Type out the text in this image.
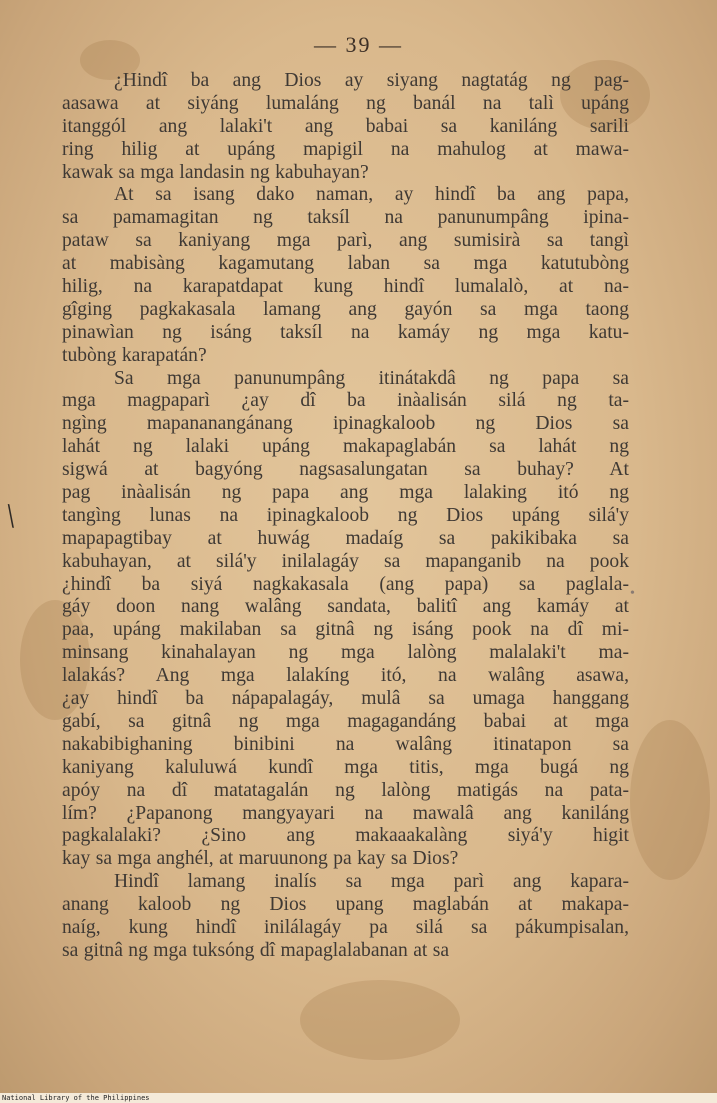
— 39 —
¿Hindî ba ang Dios ay siyang nagtatág ng pag-
aasawa at siyáng lumaláng ng banál na talì upáng
itanggól ang lalaki't ang babai sa kaniláng sarili
ring hilig at upáng mapigil na mahulog at mawa-
kawak sa mga landasin ng kabuhayan?
At sa isang dako naman, ay hindî ba ang papa,
sa pamamagitan ng taksíl na panunumpâng ipina-
pataw sa kaniyang mga parì, ang sumisirà sa tangì
at mabisàng kagamutang laban sa mga katutubòng
hilig, na karapatdapat kung hindî lumalalò, at na-
gîging pagkakasala lamang ang gayón sa mga taong
pinawìan ng isáng taksíl na kamáy ng mga katu-
tubòng karapatán?
Sa mga panunumpâng itinátakdâ ng papa sa
mga magpaparì ¿ay dî ba inàalisán silá ng ta-
ngìng mapananangánang ipinagkaloob ng Dios sa
lahát ng lalaki upáng makapaglabán sa lahát ng
sigwá at bagyóng nagsasalungatan sa buhay? At
pag inàalisán ng papa ang mga lalaking itó ng
tangìng lunas na ipinagkaloob ng Dios upáng silá'y
mapapagtibay at huwág madaíg sa pakikibaka sa
kabuhayan, at silá'y inilalagáy sa mapanganib na pook
¿hindî ba siyá nagkakasala (ang papa) sa paglala-
gáy doon nang walâng sandata, balitî ang kamáy at
paa, upáng makilaban sa gitnâ ng isáng pook na dî mi-
minsang kinahalayan ng mga lalòng malalaki't ma-
lalakás? Ang mga lalakíng itó, na walâng asawa,
¿ay hindî ba nápapalagáy, mulâ sa umaga hanggang
gabí, sa gitnâ ng mga magagandáng babai at mga
nakabibighaning binibini na walâng itinatapon sa
kaniyang kaluluwá kundî mga titis, mga bugá ng
apóy na dî matatagalán ng lalòng matigás na pata-
lím? ¿Papanong mangyayari na mawalâ ang kaniláng
pagkalalaki? ¿Sino ang makaaakalàng siyá'y higit
kay sa mga anghél, at maruunong pa kay sa Dios?
Hindî lamang inalís sa mga parì ang kapara-
anang kaloob ng Dios upang maglabán at makapa-
naíg, kung hindî inilálagáy pa silá sa pákumpisalan,
sa gitnâ ng mga tuksóng dî mapaglalabanan at sa
\
•
National Library of the Philippines
